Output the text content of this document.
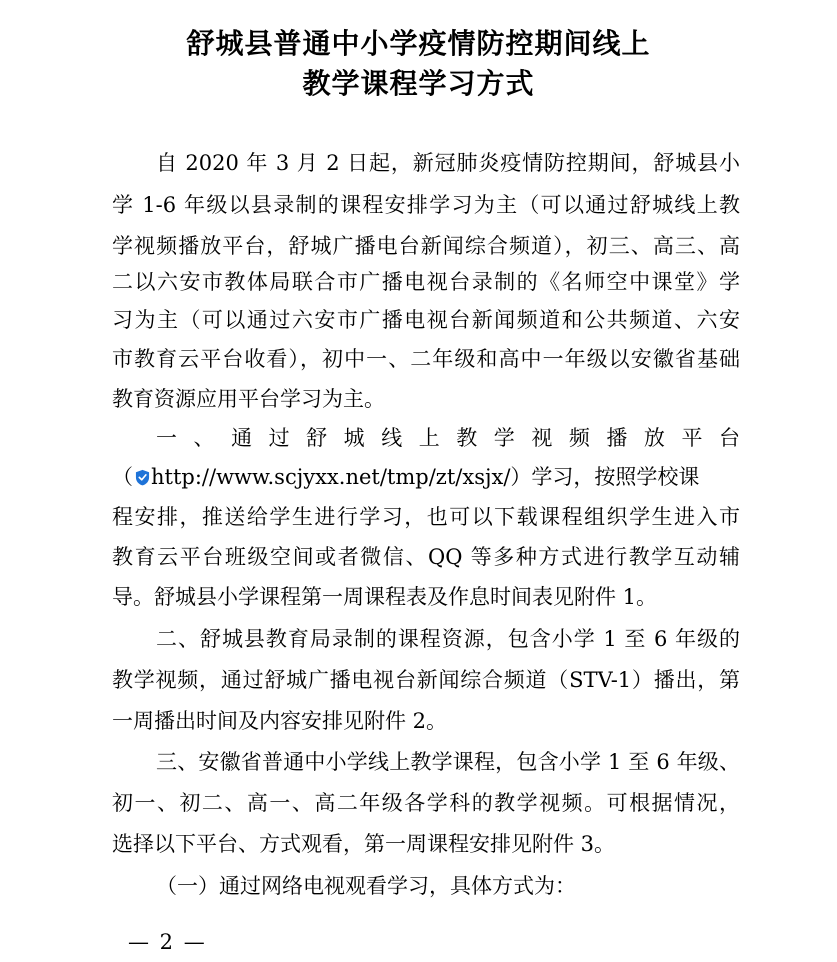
舒城县普通中小学疫情防控期间线上
教学课程学习方式
自 2020 年 3 月 2 日起，新冠肺炎疫情防控期间，舒城县小
学 1-6 年级以县录制的课程安排学习为主（可以通过舒城线上教
学视频播放平台，舒城广播电台新闻综合频道），初三、高三、高
二以六安市教体局联合市广播电视台录制的《名师空中课堂》学
习为主（可以通过六安市广播电视台新闻频道和公共频道、六安
市教育云平台收看），初中一、二年级和高中一年级以安徽省基础
教育资源应用平台学习为主。
一 、 通 过 舒 城 线 上 教 学 视 频 播 放 平 台
（ http://www.scjyxx.net/tmp/zt/xsjx/）学习，按照学校课
程安排，推送给学生进行学习，也可以下载课程组织学生进入市
教育云平台班级空间或者微信、QQ 等多种方式进行教学互动辅
导。舒城县小学课程第一周课程表及作息时间表见附件 1。
二、舒城县教育局录制的课程资源，包含小学 1 至 6 年级的
教学视频，通过舒城广播电视台新闻综合频道（STV-1）播出，第
一周播出时间及内容安排见附件 2。
三、安徽省普通中小学线上教学课程，包含小学 1 至 6 年级、
初一、初二、高一、高二年级各学科的教学视频。可根据情况，
选择以下平台、方式观看，第一周课程安排见附件 3。
（一）通过网络电视观看学习，具体方式为：
— 2 —
